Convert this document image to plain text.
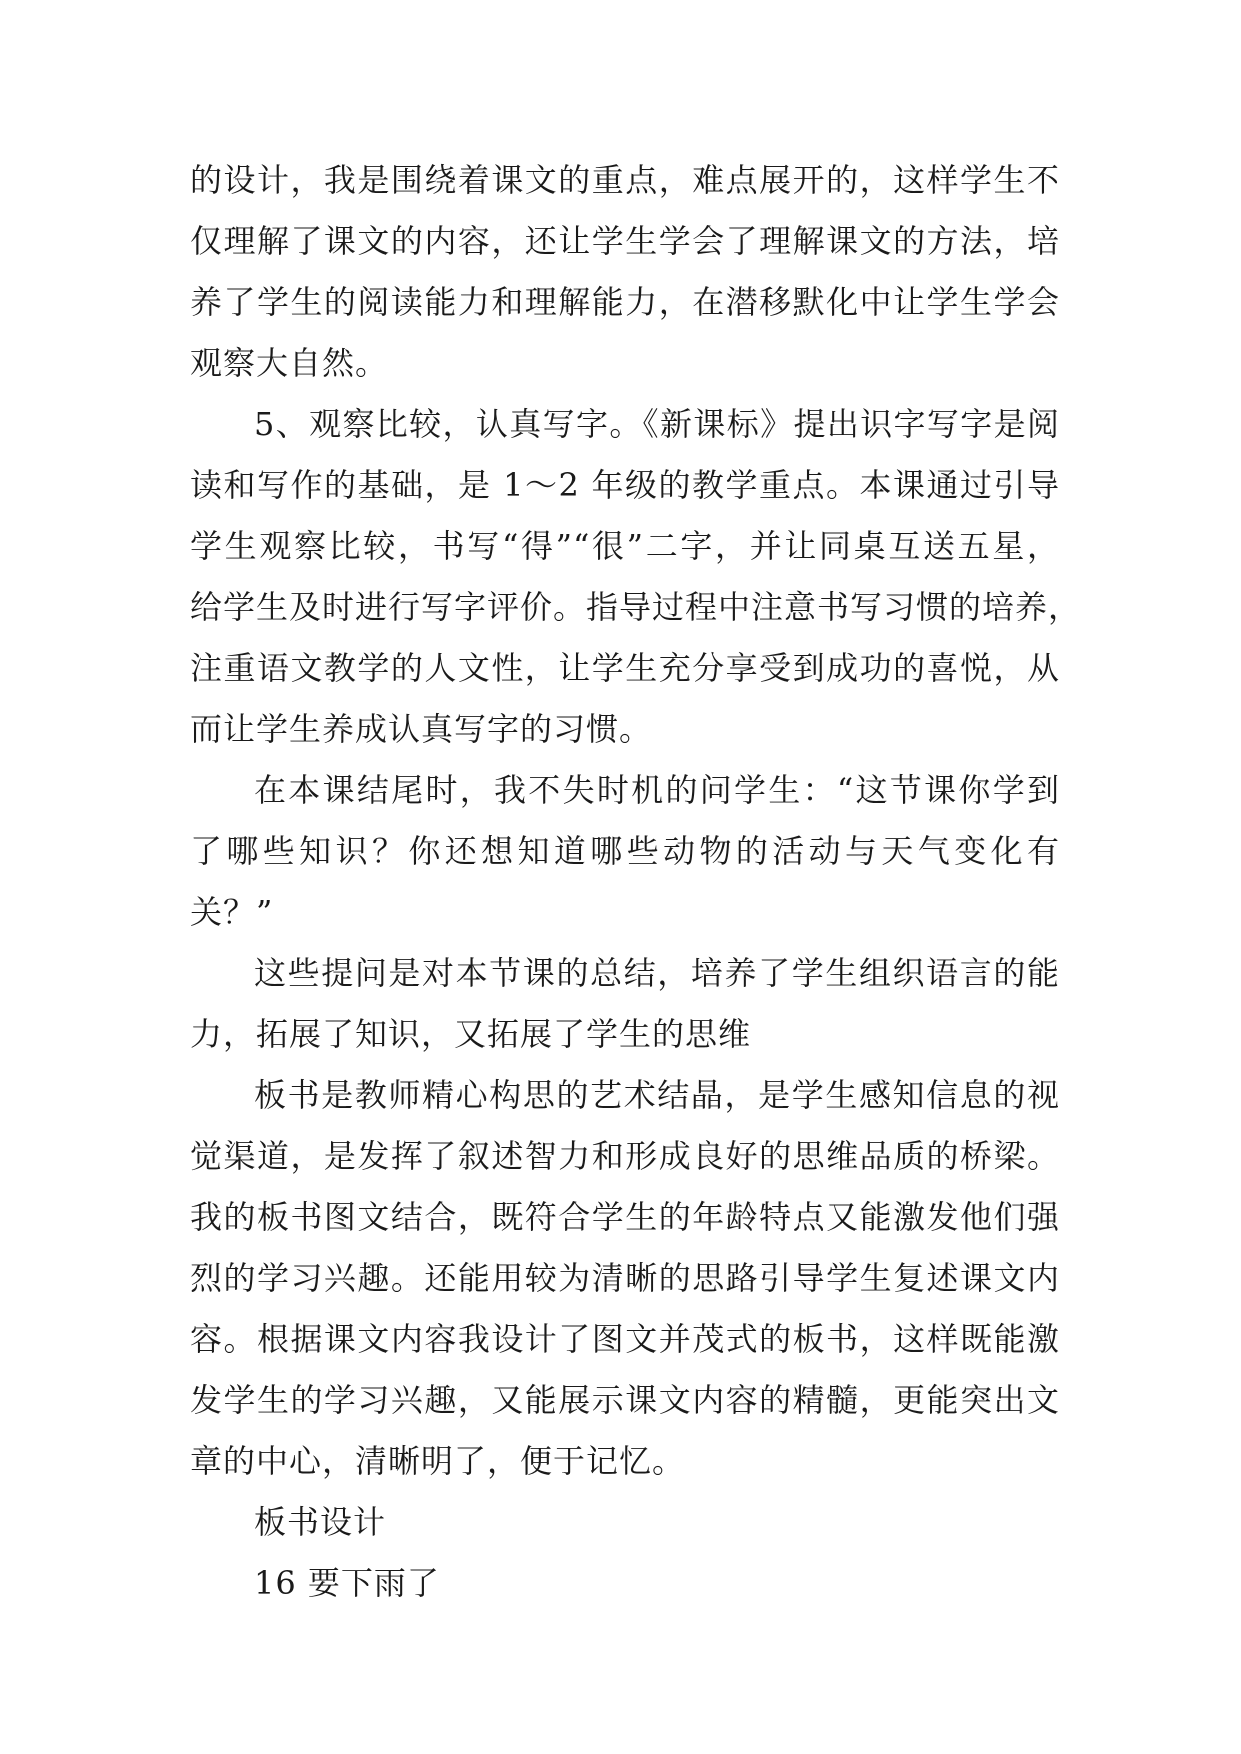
的设计，我是围绕着课文的重点，难点展开的，这样学生不
仅理解了课文的内容，还让学生学会了理解课文的方法，培
养了学生的阅读能力和理解能力，在潜移默化中让学生学会
观察大自然。
5、观察比较，认真写字。《新课标》提出识字写字是阅
读和写作的基础，是 1～2 年级的教学重点。本课通过引导
学生观察比较，书写“得”“很”二字，并让同桌互送五星，
给学生及时进行写字评价。指导过程中注意书写习惯的培养，
注重语文教学的人文性，让学生充分享受到成功的喜悦，从
而让学生养成认真写字的习惯。
在本课结尾时，我不失时机的问学生：“这节课你学到
了哪些知识？你还想知道哪些动物的活动与天气变化有
关？”
这些提问是对本节课的总结，培养了学生组织语言的能
力，拓展了知识，又拓展了学生的思维
板书是教师精心构思的艺术结晶，是学生感知信息的视
觉渠道，是发挥了叙述智力和形成良好的思维品质的桥梁。
我的板书图文结合，既符合学生的年龄特点又能激发他们强
烈的学习兴趣。还能用较为清晰的思路引导学生复述课文内
容。根据课文内容我设计了图文并茂式的板书，这样既能激
发学生的学习兴趣，又能展示课文内容的精髓，更能突出文
章的中心，清晰明了，便于记忆。
板书设计
16 要下雨了
